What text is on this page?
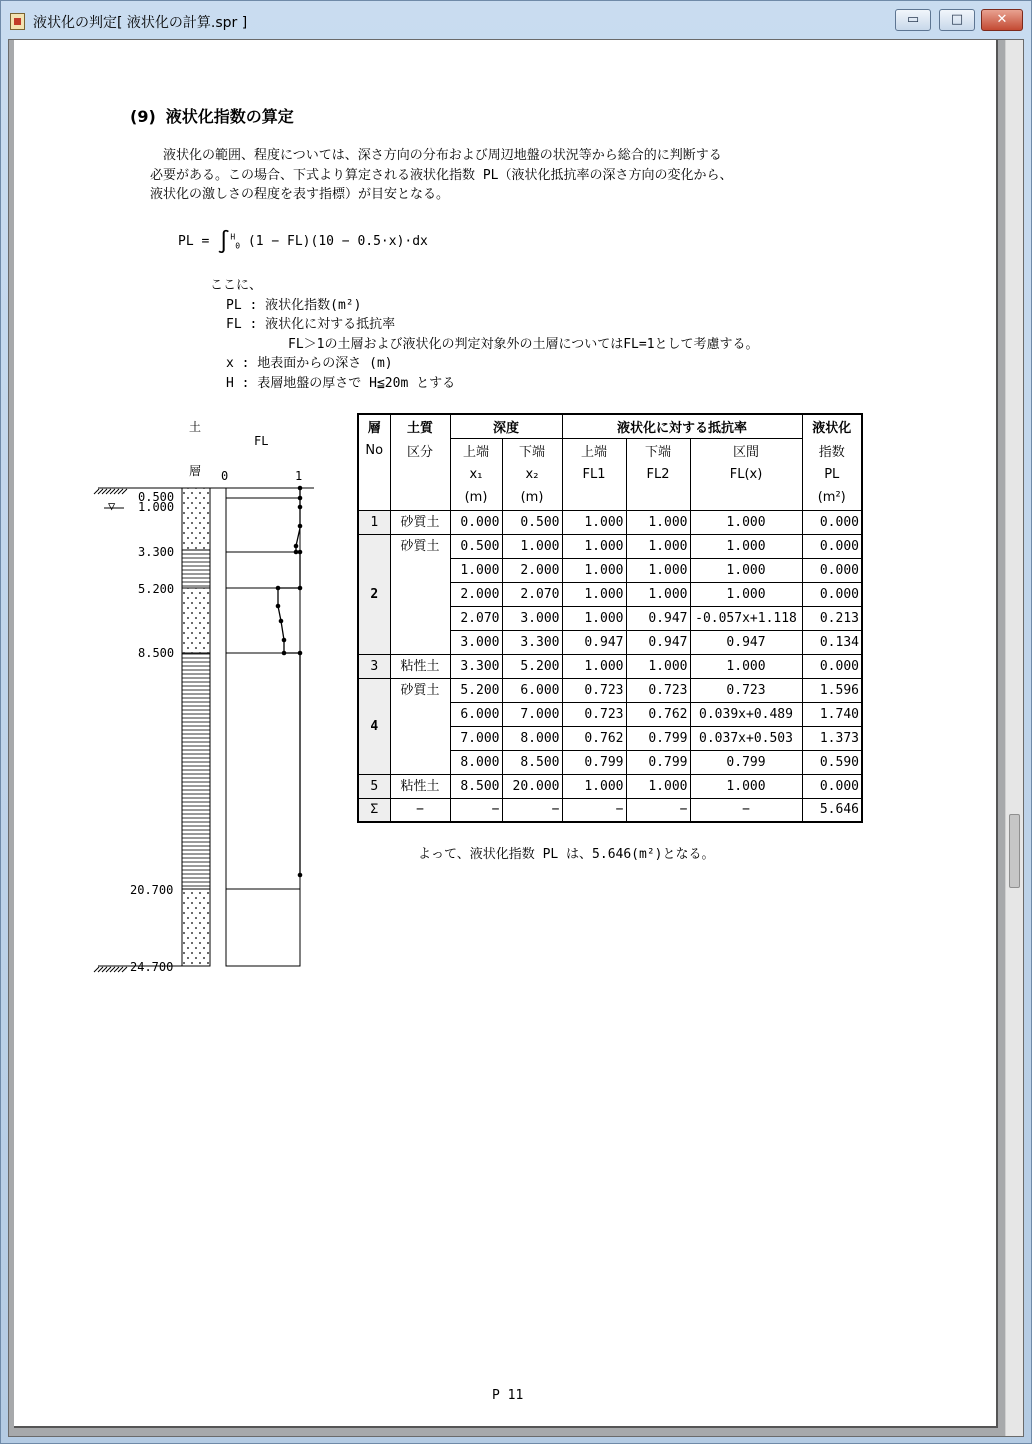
液状化の判定[ 液状化の計算.spr ]	▭	□	✕
(9) 液状化指数の算定
　液状化の範囲、程度については、深さ方向の分布および周辺地盤の状況等から総合的に判断する
必要がある。この場合、下式より算定される液状化指数 PL（液状化抵抗率の深さ方向の変化から、
液状化の激しさの程度を表す指標）が目安となる。
PL = ∫$^H_0$ (1 − FL)(10 − 0.5·x)·dx
ここに、
PL : 液状化指数(m²)
FL : 液状化に対する抵抗率
FL＞1の土層および液状化の判定対象外の土層についてはFL=1として考慮する。
x : 地表面からの深さ (m)
H : 表層地盤の厚さで H≦20m とする
土
FL
層 0	1
▽
0.500
1.000
3.300
5.200
8.500
20.700
24.700
層	土質	深度		液状化に対する抵抗率			液状化
No	区分	上端	下端	上端	下端	区間	指数
		x₁	x₂	FL1	FL2	FL(x)	PL
		(m)	(m)				(m²)
1	砂質土	0.000	0.500	1.000	1.000	1.000	0.000
2	砂質土	0.500	1.000	1.000	1.000	1.000	0.000
		1.000	2.000	1.000	1.000	1.000	0.000
		2.000	2.070	1.000	1.000	1.000	0.000
		2.070	3.000	1.000	0.947	-0.057x+1.118	0.213
		3.000	3.300	0.947	0.947	0.947	0.134
3	粘性土	3.300	5.200	1.000	1.000	1.000	0.000
4	砂質土	5.200	6.000	0.723	0.723	0.723	1.596
		6.000	7.000	0.723	0.762	0.039x+0.489	1.740
		7.000	8.000	0.762	0.799	0.037x+0.503	1.373
		8.000	8.500	0.799	0.799	0.799	0.590
5	粘性土	8.500	20.000	1.000	1.000	1.000	0.000
Σ	−	−	−	−	−	−	5.646
よって、液状化指数 PL は、5.646(m²)となる。
P 11
